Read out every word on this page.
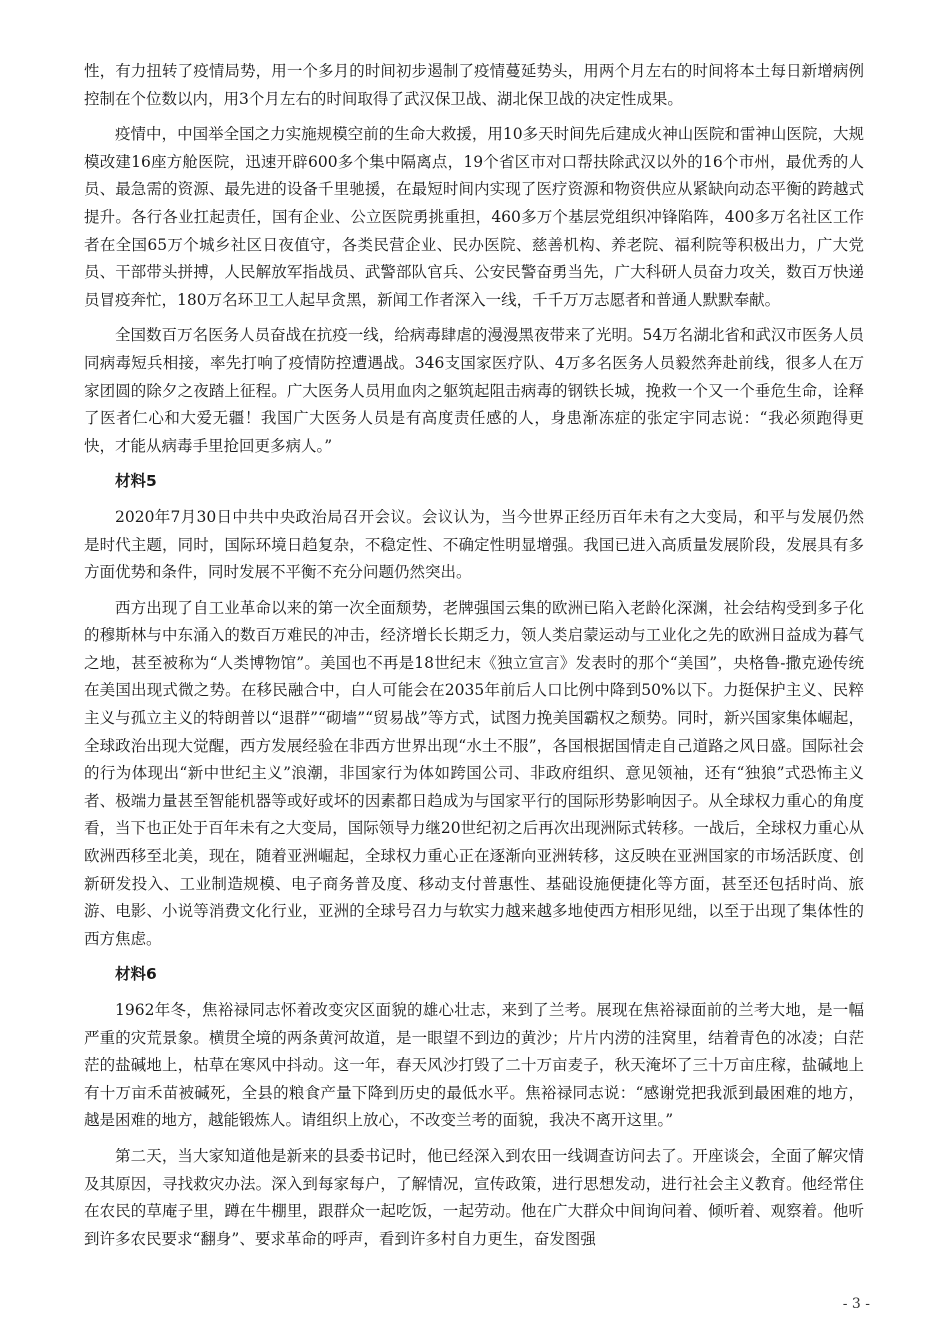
性，有力扭转了疫情局势，用一个多月的时间初步遏制了疫情蔓延势头，用两个月左右的时间将本土每日新增病例控制在个位数以内，用3个月左右的时间取得了武汉保卫战、湖北保卫战的决定性成果。

疫情中，中国举全国之力实施规模空前的生命大救援，用10多天时间先后建成火神山医院和雷神山医院，大规模改建16座方舱医院，迅速开辟600多个集中隔离点，19个省区市对口帮扶除武汉以外的16个市州，最优秀的人员、最急需的资源、最先进的设备千里驰援，在最短时间内实现了医疗资源和物资供应从紧缺向动态平衡的跨越式提升。各行各业扛起责任，国有企业、公立医院勇挑重担，460多万个基层党组织冲锋陷阵，400多万名社区工作者在全国65万个城乡社区日夜值守，各类民营企业、民办医院、慈善机构、养老院、福利院等积极出力，广大党员、干部带头拼搏，人民解放军指战员、武警部队官兵、公安民警奋勇当先，广大科研人员奋力攻关，数百万快递员冒疫奔忙，180万名环卫工人起早贪黑，新闻工作者深入一线，千千万万志愿者和普通人默默奉献。

全国数百万名医务人员奋战在抗疫一线，给病毒肆虐的漫漫黑夜带来了光明。54万名湖北省和武汉市医务人员同病毒短兵相接，率先打响了疫情防控遭遇战。346支国家医疗队、4万多名医务人员毅然奔赴前线，很多人在万家团圆的除夕之夜踏上征程。广大医务人员用血肉之躯筑起阻击病毒的钢铁长城，挽救一个又一个垂危生命，诠释了医者仁心和大爱无疆！我国广大医务人员是有高度责任感的人，身患渐冻症的张定宇同志说：“我必须跑得更快，才能从病毒手里抢回更多病人。”

材料5

2020年7月30日中共中央政治局召开会议。会议认为，当今世界正经历百年未有之大变局，和平与发展仍然是时代主题，同时，国际环境日趋复杂，不稳定性、不确定性明显增强。我国已进入高质量发展阶段，发展具有多方面优势和条件，同时发展不平衡不充分问题仍然突出。

西方出现了自工业革命以来的第一次全面颓势，老牌强国云集的欧洲已陷入老龄化深渊，社会结构受到多子化的穆斯林与中东涌入的数百万难民的冲击，经济增长长期乏力，领人类启蒙运动与工业化之先的欧洲日益成为暮气之地，甚至被称为“人类博物馆”。美国也不再是18世纪末《独立宣言》发表时的那个“美国”，央格鲁-撒克逊传统在美国出现式微之势。在移民融合中，白人可能会在2035年前后人口比例中降到50%以下。力挺保护主义、民粹主义与孤立主义的特朗普以“退群”“砌墙”“贸易战”等方式，试图力挽美国霸权之颓势。同时，新兴国家集体崛起，全球政治出现大觉醒，西方发展经验在非西方世界出现“水土不服”，各国根据国情走自己道路之风日盛。国际社会的行为体现出“新中世纪主义”浪潮，非国家行为体如跨国公司、非政府组织、意见领袖，还有“独狼”式恐怖主义者、极端力量甚至智能机器等或好或坏的因素都日趋成为与国家平行的国际形势影响因子。从全球权力重心的角度看，当下也正处于百年未有之大变局，国际领导力继20世纪初之后再次出现洲际式转移。一战后，全球权力重心从欧洲西移至北美，现在，随着亚洲崛起，全球权力重心正在逐渐向亚洲转移，这反映在亚洲国家的市场活跃度、创新研发投入、工业制造规模、电子商务普及度、移动支付普惠性、基础设施便捷化等方面，甚至还包括时尚、旅游、电影、小说等消费文化行业，亚洲的全球号召力与软实力越来越多地使西方相形见绌，以至于出现了集体性的西方焦虑。

材料6

1962年冬，焦裕禄同志怀着改变灾区面貌的雄心壮志，来到了兰考。展现在焦裕禄面前的兰考大地，是一幅严重的灾荒景象。横贯全境的两条黄河故道，是一眼望不到边的黄沙；片片内涝的洼窝里，结着青色的冰凌；白茫茫的盐碱地上，枯草在寒风中抖动。这一年，春天风沙打毁了二十万亩麦子，秋天淹坏了三十万亩庄稼，盐碱地上有十万亩禾苗被碱死，全县的粮食产量下降到历史的最低水平。焦裕禄同志说：“感谢党把我派到最困难的地方，越是困难的地方，越能锻炼人。请组织上放心，不改变兰考的面貌，我决不离开这里。”

第二天，当大家知道他是新来的县委书记时，他已经深入到农田一线调查访问去了。开座谈会，全面了解灾情及其原因，寻找救灾办法。深入到每家每户，了解情况，宣传政策，进行思想发动，进行社会主义教育。他经常住在农民的草庵子里，蹲在牛棚里，跟群众一起吃饭，一起劳动。他在广大群众中间询问着、倾听着、观察着。他听到许多农民要求“翻身”、要求革命的呼声，看到许多村自力更生，奋发图强

- 3 -
